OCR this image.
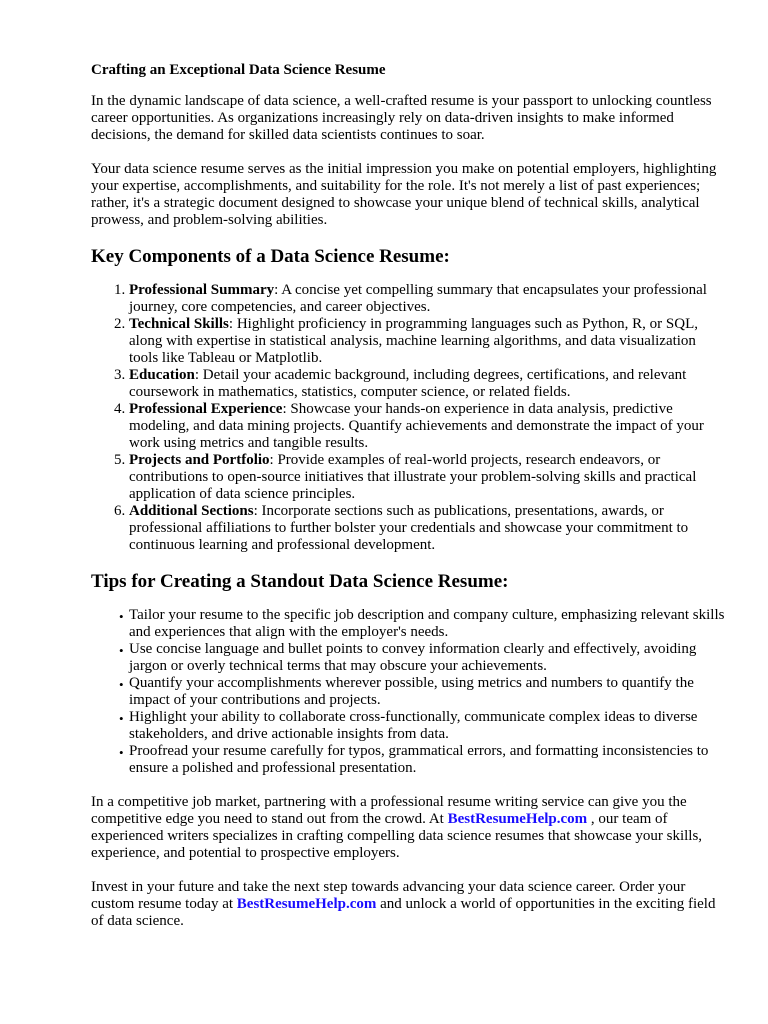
Crafting an Exceptional Data Science Resume

In the dynamic landscape of data science, a well-crafted resume is your passport to unlocking countless career opportunities. As organizations increasingly rely on data-driven insights to make informed decisions, the demand for skilled data scientists continues to soar.

Your data science resume serves as the initial impression you make on potential employers, highlighting your expertise, accomplishments, and suitability for the role. It's not merely a list of past experiences; rather, it's a strategic document designed to showcase your unique blend of technical skills, analytical prowess, and problem-solving abilities.

Key Components of a Data Science Resume:
1. Professional Summary: A concise yet compelling summary that encapsulates your professional journey, core competencies, and career objectives.
2. Technical Skills: Highlight proficiency in programming languages such as Python, R, or SQL, along with expertise in statistical analysis, machine learning algorithms, and data visualization tools like Tableau or Matplotlib.
3. Education: Detail your academic background, including degrees, certifications, and relevant coursework in mathematics, statistics, computer science, or related fields.
4. Professional Experience: Showcase your hands-on experience in data analysis, predictive modeling, and data mining projects. Quantify achievements and demonstrate the impact of your work using metrics and tangible results.
5. Projects and Portfolio: Provide examples of real-world projects, research endeavors, or contributions to open-source initiatives that illustrate your problem-solving skills and practical application of data science principles.
6. Additional Sections: Incorporate sections such as publications, presentations, awards, or professional affiliations to further bolster your credentials and showcase your commitment to continuous learning and professional development.
Tips for Creating a Standout Data Science Resume:
• Tailor your resume to the specific job description and company culture, emphasizing relevant skills and experiences that align with the employer's needs.
• Use concise language and bullet points to convey information clearly and effectively, avoiding jargon or overly technical terms that may obscure your achievements.
• Quantify your accomplishments wherever possible, using metrics and numbers to quantify the impact of your contributions and projects.
• Highlight your ability to collaborate cross-functionally, communicate complex ideas to diverse stakeholders, and drive actionable insights from data.
• Proofread your resume carefully for typos, grammatical errors, and formatting inconsistencies to ensure a polished and professional presentation.

In a competitive job market, partnering with a professional resume writing service can give you the competitive edge you need to stand out from the crowd. At BestResumeHelp.com , our team of experienced writers specializes in crafting compelling data science resumes that showcase your skills, experience, and potential to prospective employers.

Invest in your future and take the next step towards advancing your data science career. Order your custom resume today at BestResumeHelp.com and unlock a world of opportunities in the exciting field of data science.
